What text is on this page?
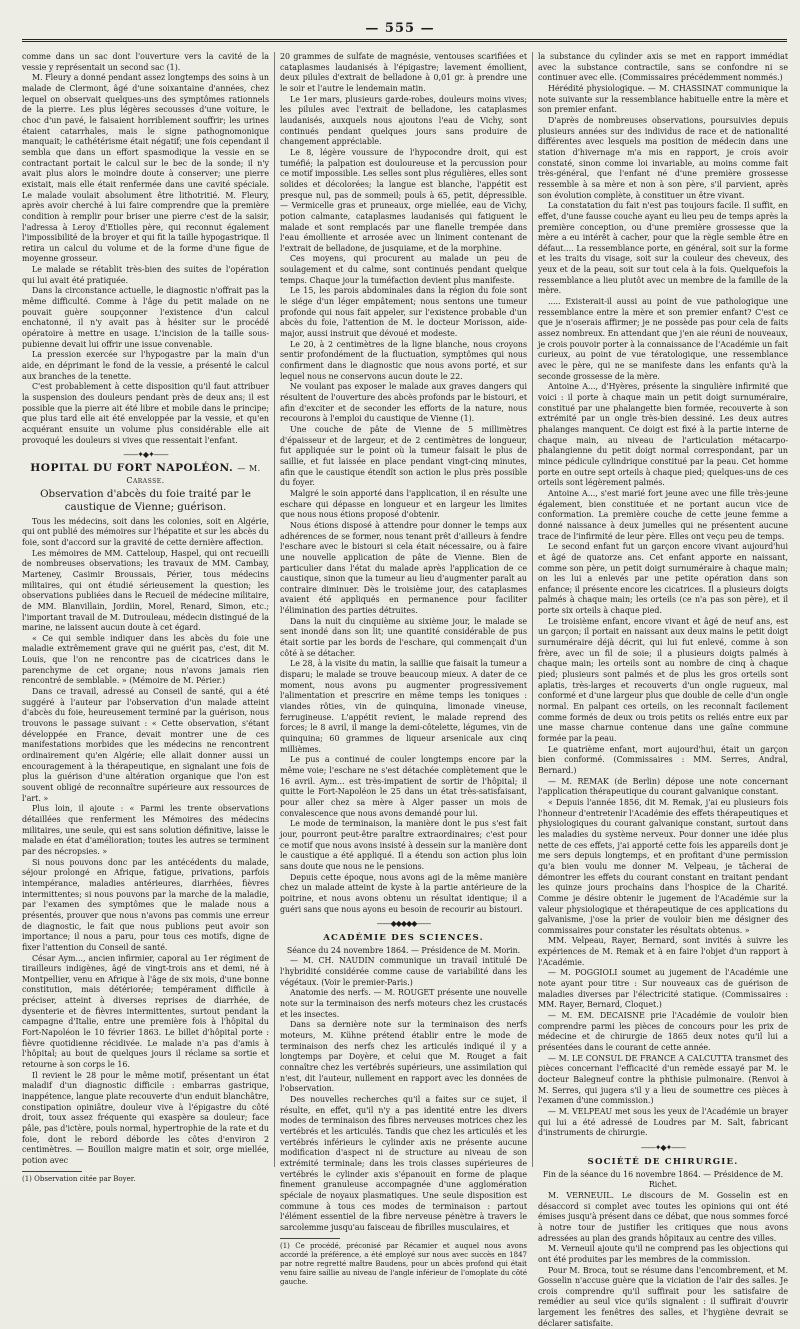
— 555 —

comme dans un sac dont l'ouverture vers la cavité de la vessie y représentait un second sac (1).

M. Fleury a donné pendant assez longtemps des soins à un malade de Clermont, âgé d'une soixantaine d'années, chez lequel on observait quelques-uns des symptômes rationnels de la pierre. Les plus légères secousses d'une voiture, le choc d'un pavé, le faisaient horriblement souffrir; les urines étaient catarrhales, mais le signe pathognomonique manquait; le cathétérisme était négatif; une fois cependant il sembla que dans un effort spasmodique la vessie en se contractant portait le calcul sur le bec de la sonde; il n'y avait plus alors le moindre doute à conserver; une pierre existait, mais elle était renfermée dans une cavité spéciale. Le malade voulait absolument être lithotritié. M. Fleury, après avoir cherché à lui faire comprendre que la première condition à remplir pour briser une pierre c'est de la saisir, l'adressa à Leroy d'Etiolles père, qui reconnut également l'impossibilité de la broyer et qui fit la taille hypogastrique. Il retira un calcul du volume et de la forme d'une figue de moyenne grosseur.

Le malade se rétablit très-bien des suites de l'opération qui lui avait été pratiquée.

Dans la circonstance actuelle, le diagnostic n'offrait pas la même difficulté. Comme à l'âge du petit malade on ne pouvait guère soupçonner l'existence d'un calcul enchatonné, il n'y avait pas à hésiter sur le procédé opératoire à mettre en usage. L'incision de la taille sous-pubienne devait lui offrir une issue convenable.

La pression exercée sur l'hypogastre par la main d'un aide, en déprimant le fond de la vessie, a présenté le calcul aux branches de la tenette.

C'est probablement à cette disposition qu'il faut attribuer la suspension des douleurs pendant près de deux ans; il est possible que la pierre ait été libre et mobile dans le principe; que plus tard elle ait été enveloppée par la vessie, et qu'en acquérant ensuite un volume plus considérable elle ait provoqué les douleurs si vives que ressentait l'enfant.

——✦◆✦——
HOPITAL DU FORT NAPOLÉON. — M. Carasse.
Observation d'abcès du foie traité par le caustique de Vienne; guérison.

Tous les médecins, soit dans les colonies, soit en Algérie, qui ont publié des mémoires sur l'hépatite et sur les abcès du foie, sont d'accord sur la gravité de cette dernière affection.

Les mémoires de MM. Catteloup, Haspel, qui ont recueilli de nombreuses observations; les travaux de MM. Cambay, Marteney, Casimir Broussais, Périer, tous médecins militaires, qui ont étudié sérieusement la question; les observations publiées dans le Recueil de médecine militaire, de MM. Blanvillain, Jordiin, Morel, Renard, Simon, etc.; l'important travail de M. Dutrouleau, médecin distingué de la marine, ne laissent aucun doute à cet égard.

« Ce qui semble indiquer dans les abcès du foie une maladie extrêmement grave qui ne guérit pas, c'est, dit M. Louis, que l'on ne rencontre pas de cicatrices dans le parenchyme de cet organe; nous n'avons jamais rien rencontré de semblable. » (Mémoire de M. Périer.)

Dans ce travail, adressé au Conseil de santé, qui a été suggéré à l'auteur par l'observation d'un malade atteint d'abcès du foie, heureusement terminé par la guérison, nous trouvons le passage suivant : « Cette observation, s'étant développée en France, devait montrer une de ces manifestations morbides que les médecins ne rencontrent ordinairement qu'en Algérie; elle allait donner aussi un encouragement à la thérapeutique, en signalant une fois de plus la guérison d'une altération organique que l'on est souvent obligé de reconnaître supérieure aux ressources de l'art. »

Plus loin, il ajoute : « Parmi les trente observations détaillées que renferment les Mémoires des médecins militaires, une seule, qui est sans solution définitive, laisse le malade en état d'amélioration; toutes les autres se terminent par des nécropsies. »

Si nous pouvons donc par les antécédents du malade, séjour prolongé en Afrique, fatigue, privations, parfois intempérance, maladies antérieures, diarrhées, fièvres intermittentes; si nous pouvons par la marche de la maladie, par l'examen des symptômes que le malade nous a présentés, prouver que nous n'avons pas commis une erreur de diagnostic, le fait que nous publions peut avoir son importance; il nous a paru, pour tous ces motifs, digne de fixer l'attention du Conseil de santé.

César Aym..., ancien infirmier, caporal au 1er régiment de tirailleurs indigènes, âgé de vingt-trois ans et demi, né à Montpellier, venu en Afrique à l'âge de six mois, d'une bonne constitution, mais détériorée; tempérament difficile à préciser, atteint à diverses reprises de diarrhée, de dysenterie et de fièvres intermittentes, surtout pendant la campagne d'Italie, entre une première fois à l'hôpital du Fort-Napoléon le 10 février 1863. Le billet d'hôpital porte : fièvre quotidienne récidivée. Le malade n'a pas d'amis à l'hôpital; au bout de quelques jours il réclame sa sortie et retourne à son corps le 16.

Il revient le 28 pour le même motif, présentant un état maladif d'un diagnostic difficile : embarras gastrique, inappétence, langue plate recouverte d'un enduit blanchâtre, constipation opiniâtre, douleur vive à l'épigastre du côté droit, toux assez fréquente qui exaspère sa douleur; face pâle, pas d'ictère, pouls normal, hypertrophie de la rate et du foie, dont le rebord déborde les côtes d'environ 2 centimètres. — Bouillon maigre matin et soir, orge miellée, potion avec

(1) Observation citée par Boyer.

20 grammes de sulfate de magnésie, ventouses scarifiées et cataplasmes laudanisés à l'épigastre; lavement émollient, deux pilules d'extrait de belladone à 0,01 gr. à prendre une le soir et l'autre le lendemain matin.

Le 1er mars, plusieurs garde-robes, douleurs moins vives; les pilules avec l'extrait de belladone, les cataplasmes laudanisés, auxquels nous ajoutons l'eau de Vichy, sont continués pendant quelques jours sans produire de changement appréciable.

Le 8, légère voussure de l'hypocondre droit, qui est tuméfié; la palpation est douloureuse et la percussion pour ce motif impossible. Les selles sont plus régulières, elles sont solides et décolorées; la langue est blanche, l'appétit est presque nul, pas de sommeil; pouls à 65, petit, dépressible. — Vermicelle gras et pruneaux, orge miellée, eau de Vichy, potion calmante, cataplasmes laudanisés qui fatiguent le malade et sont remplacés par une flanelle trempée dans l'eau émolliente et arrosée avec un liniment contenant de l'extrait de belladone, de jusquiame, et de la morphine.

Ces moyens, qui procurent au malade un peu de soulagement et du calme, sont continués pendant quelque temps. Chaque jour la tuméfaction devient plus manifeste.

Le 15, les parois abdominales dans la région du foie sont le siége d'un léger empâtement; nous sentons une tumeur profonde qui nous fait appeler, sur l'existence probable d'un abcès du foie, l'attention de M. le docteur Morisson, aide-major, aussi instruit que dévoué et modeste.

Le 20, à 2 centimètres de la ligne blanche, nous croyons sentir profondément de la fluctuation, symptômes qui nous confirment dans le diagnostic que nous avons porté, et sur lequel nous ne conservons aucun doute le 22.

Ne voulant pas exposer le malade aux graves dangers qui résultent de l'ouverture des abcès profonds par le bistouri, et afin d'exciter et de seconder les efforts de la nature, nous recourons à l'emploi du caustique de Vienne (1).

Une couche de pâte de Vienne de 5 millimètres d'épaisseur et de largeur, et de 2 centimètres de longueur, fut appliquée sur le point où la tumeur faisait le plus de saillie, et fut laissée en place pendant vingt-cinq minutes, afin que le caustique étendît son action le plus près possible du foyer.

Malgré le soin apporté dans l'application, il en résulte une eschare qui dépasse en longueur et en largeur les limites que nous nous étions proposé d'obtenir.

Nous étions disposé à attendre pour donner le temps aux adhérences de se former, nous tenant prêt d'ailleurs à fendre l'eschare avec le bistouri si cela était nécessaire, ou à faire une nouvelle application de pâte de Vienne. Bien de particulier dans l'état du malade après l'application de ce caustique, sinon que la tumeur au lieu d'augmenter paraît au contraire diminuer. Dès le troisième jour, des cataplasmes avaient été appliqués en permanence pour faciliter l'élimination des parties détruites.

Dans la nuit du cinquième au sixième jour, le malade se sent inondé dans son lit; une quantité considérable de pus était sortie par les bords de l'eschare, qui commençait d'un côté à se détacher.

Le 28, à la visite du matin, la saillie que faisait la tumeur a disparu; le malade se trouve beaucoup mieux. A dater de ce moment, nous avons pu augmenter progressivement l'alimentation et prescrire en même temps les toniques : viandes rôties, vin de quinquina, limonade vineuse, ferrugineuse. L'appétit revient, le malade reprend des forces; le 8 avril, il mange la demi-côtelette, légumes, vin de quinquina; 60 grammes de liqueur arsenicale aux cinq millièmes.

Le pus a continué de couler longtemps encore par la même voie; l'eschare ne s'est détachée complètement que le 16 avril. Aym... est très-impatient de sortir de l'hôpital; il quitte le Fort-Napoléon le 25 dans un état très-satisfaisant, pour aller chez sa mère à Alger passer un mois de convalescence que nous avons demandé pour lui.

Le mode de terminaison, la manière dont le pus s'est fait jour, pourront peut-être paraître extraordinaires; c'est pour ce motif que nous avons insisté à dessein sur la manière dont le caustique a été appliqué. Il a étendu son action plus loin sans doute que nous ne le pensions.

Depuis cette époque, nous avons agi de la même manière chez un malade atteint de kyste à la partie antérieure de la poitrine, et nous avons obtenu un résultat identique; il a guéri sans que nous ayons eu besoin de recourir au bistouri.

——◆◆◆◆◆——
ACADÉMIE DES SCIENCES.

Séance du 24 novembre 1864. — Présidence de M. Morin.

— M. CH. NAUDIN communique un travail intitulé De l'hybridité considérée comme cause de variabilité dans les végétaux. (Voir le premier-Paris.)

Anatomie des nerfs. — M. ROUGET présente une nouvelle note sur la terminaison des nerfs moteurs chez les crustacés et les insectes.

Dans sa dernière note sur la terminaison des nerfs moteurs, M. Kühne prétend établir entre le mode de terminaison des nerfs chez les articulés indiqué il y a longtemps par Doyère, et celui que M. Rouget a fait connaître chez les vertébrés supérieurs, une assimilation qui n'est, dit l'auteur, nullement en rapport avec les données de l'observation.

Des nouvelles recherches qu'il a faites sur ce sujet, il résulte, en effet, qu'il n'y a pas identité entre les divers modes de terminaison des fibres nerveuses motrices chez les vertébrés et les articulés. Tandis que chez les articulés et les vertébrés inférieurs le cylinder axis ne présente aucune modification d'aspect ni de structure au niveau de son extrémité terminale; dans les trois classes supérieures de vertébrés le cylinder axis s'épanouit en forme de plaque finement granuleuse accompagnée d'une agglomération spéciale de noyaux plasmatiques. Une seule disposition est commune à tous ces modes de terminaison : partout l'élément essentiel de la fibre nerveuse pénètre à travers le sarcolemme jusqu'au faisceau de fibrilles musculaires, et

(1) Ce procédé, préconisé par Récamier et auquel nous avons accordé la préférence, a été employé sur nous avec succès en 1847 par notre regretté maître Baudens, pour un abcès profond qui était venu faire saillie au niveau de l'angle inférieur de l'omoplate du côté gauche.

la substance du cylinder axis se met en rapport immédiat avec la substance contractile, sans se confondre ni se continuer avec elle. (Commissaires précédemment nommés.)

Hérédité physiologique. — M. CHASSINAT communique la note suivante sur la ressemblance habituelle entre la mère et son premier enfant.

D'après de nombreuses observations, poursuivies depuis plusieurs années sur des individus de race et de nationalité différentes avec lesquels ma position de médecin dans une station d'hivernage m'a mis en rapport, je crois avoir constaté, sinon comme loi invariable, au moins comme fait très-général, que l'enfant né d'une première grossesse ressemble à sa mère et non à son père, s'il parvient, après son évolution complète, à constituer un être vivant.

La constatation du fait n'est pas toujours facile. Il suffit, en effet, d'une fausse couche ayant eu lieu peu de temps après la première conception, ou d'une première grossesse que la mère a eu intérêt à cacher, pour que la règle semble être en défaut.... La ressemblance porte, en général, soit sur la forme et les traits du visage, soit sur la couleur des cheveux, des yeux et de la peau, soit sur tout cela à la fois. Quelquefois la ressemblance a lieu plutôt avec un membre de la famille de la mère.

..... Existerait-il aussi au point de vue pathologique une ressemblance entre la mère et son premier enfant? C'est ce que je n'oserais affirmer; je ne possède pas pour cela de faits assez nombreux. En attendant que j'en aie réuni de nouveaux, je crois pouvoir porter à la connaissance de l'Académie un fait curieux, au point de vue tératologique, une ressemblance avec le père, qui ne se manifeste dans les enfants qu'à la seconde grossesse de la mère.

Antoine A..., d'Hyères, présente la singulière infirmité que voici : il porte à chaque main un petit doigt surnuméraire, constitué par une phalangette bien formée, recouverte à son extrémité par un ongle très-bien dessiné. Les deux autres phalanges manquent. Ce doigt est fixé à la partie interne de chaque main, au niveau de l'articulation métacarpo-phalangienne du petit doigt normal correspondant, par un mince pédicule cylindrique constitué par la peau. Cet homme porte en outre sept orteils à chaque pied; quelques-uns de ces orteils sont légèrement palmés.

Antoine A..., s'est marié fort jeune avec une fille très-jeune également, bien constituée et ne portant aucun vice de conformation. La première couche de cette jeune femme a donné naissance à deux jumelles qui ne présentent aucune trace de l'infirmité de leur père. Elles ont veçu peu de temps.

Le second enfant fut un garçon encore vivant aujourd'hui et âgé de quatorze ans. Cet enfant apporte en naissant, comme son père, un petit doigt surnuméraire à chaque main; on les lui a enlevés par une petite opération dans son enfance; il présente encore les cicatrices. Il a plusieurs doigts palmés à chaque main; les orteils (ce n'a pas son père), et il porte six orteils à chaque pied.

Le troisième enfant, encore vivant et âgé de neuf ans, est un garçon; il portait en naissant aux deux mains le petit doigt surnuméraire déjà décrit, qui lui fut enlevé, comme à son frère, avec un fil de soie; il a plusieurs doigts palmés à chaque main; les orteils sont au nombre de cinq à chaque pied; plusieurs sont palmés et de plus les gros orteils sont aplatis, très-larges et recouverts d'un ongle rugueux, mal conformé et d'une largeur plus que double de celle d'un ongle normal. En palpant ces orteils, on les reconnaît facilement comme formés de deux ou trois petits os reliés entre eux par une masse charnue contenue dans une gaîne commune formée par la peau.

Le quatrième enfant, mort aujourd'hui, était un garçon bien conformé. (Commissaires : MM. Serres, Andral, Bernard.)

— M. REMAK (de Berlin) dépose une note concernant l'application thérapeutique du courant galvanique constant.

« Depuis l'année 1856, dit M. Remak, j'ai eu plusieurs fois l'honneur d'entretenir l'Académie des effets thérapeutiques et physiologiques du courant galvanique constant, surtout dans les maladies du système nerveux. Pour donner une idée plus nette de ces effets, j'ai apporté cette fois les appareils dont je me sers depuis longtemps, et en profitant d'une permission qu'a bien voulu me donner M. Velpeau, je tâcherai de démontrer les effets du courant constant en traitant pendant les quinze jours prochains dans l'hospice de la Charité. Comme je désire obtenir le jugement de l'Académie sur la valeur physiologique et thérapeutique de ces applications du galvanisme, j'ose la prier de vouloir bien me désigner des commissaires pour constater les résultats obtenus. »

MM. Velpeau, Rayer, Bernard, sont invités à suivre les expériences de M. Remak et à en faire l'objet d'un rapport à l'Académie.

— M. POGGIOLI soumet au jugement de l'Académie une note ayant pour titre : Sur nouveaux cas de guérison de maladies diverses par l'électricité statique. (Commissaires : MM. Rayer, Bernard, Cloquet.)

— M. EM. DECAISNE prie l'Académie de vouloir bien comprendre parmi les pièces de concours pour les prix de médecine et de chirurgie de 1865 deux notes qu'il lui a présentées dans le courant de cette année.

— M. LE CONSUL DE FRANCE A CALCUTTA transmet des pièces concernant l'efficacité d'un remède essayé par M. le docteur Balegneuf contre la phthisie pulmonaire. (Renvoi à M. Serres, qui jugera s'il y a lieu de soumettre ces pièces à l'examen d'une commission.)

— M. VELPEAU met sous les yeux de l'Académie un brayer qui lui a été adressé de Loudres par M. Salt, fabricant d'instruments de chirurgie.

——✦◆✦——
SOCIÉTÉ DE CHIRURGIE.

Fin de la séance du 16 novembre 1864. — Présidence de M. Richet.

M. VERNEUIL. Le discours de M. Gosselin est en désaccord si complet avec toutes les opinions qui ont été émises jusqu'à présent dans ce débat, que nous sommes forcé à notre tour de justifier les critiques que nous avons adressées au plan des grands hôpitaux au centre des villes.

M. Verneuil ajoute qu'il ne comprend pas les objections qui ont été produites par les membres de la commission.

Pour M. Broca, tout se résume dans l'encombrement, et M. Gosselin n'accuse guère que la viciation de l'air des salles. Je crois comprendre qu'il suffirait pour les satisfaire de remédier au seul vice qu'ils signalent : il suffirait d'ouvrir largement les fenêtres des salles, et l'hygiène devrait se déclarer satisfaite.
